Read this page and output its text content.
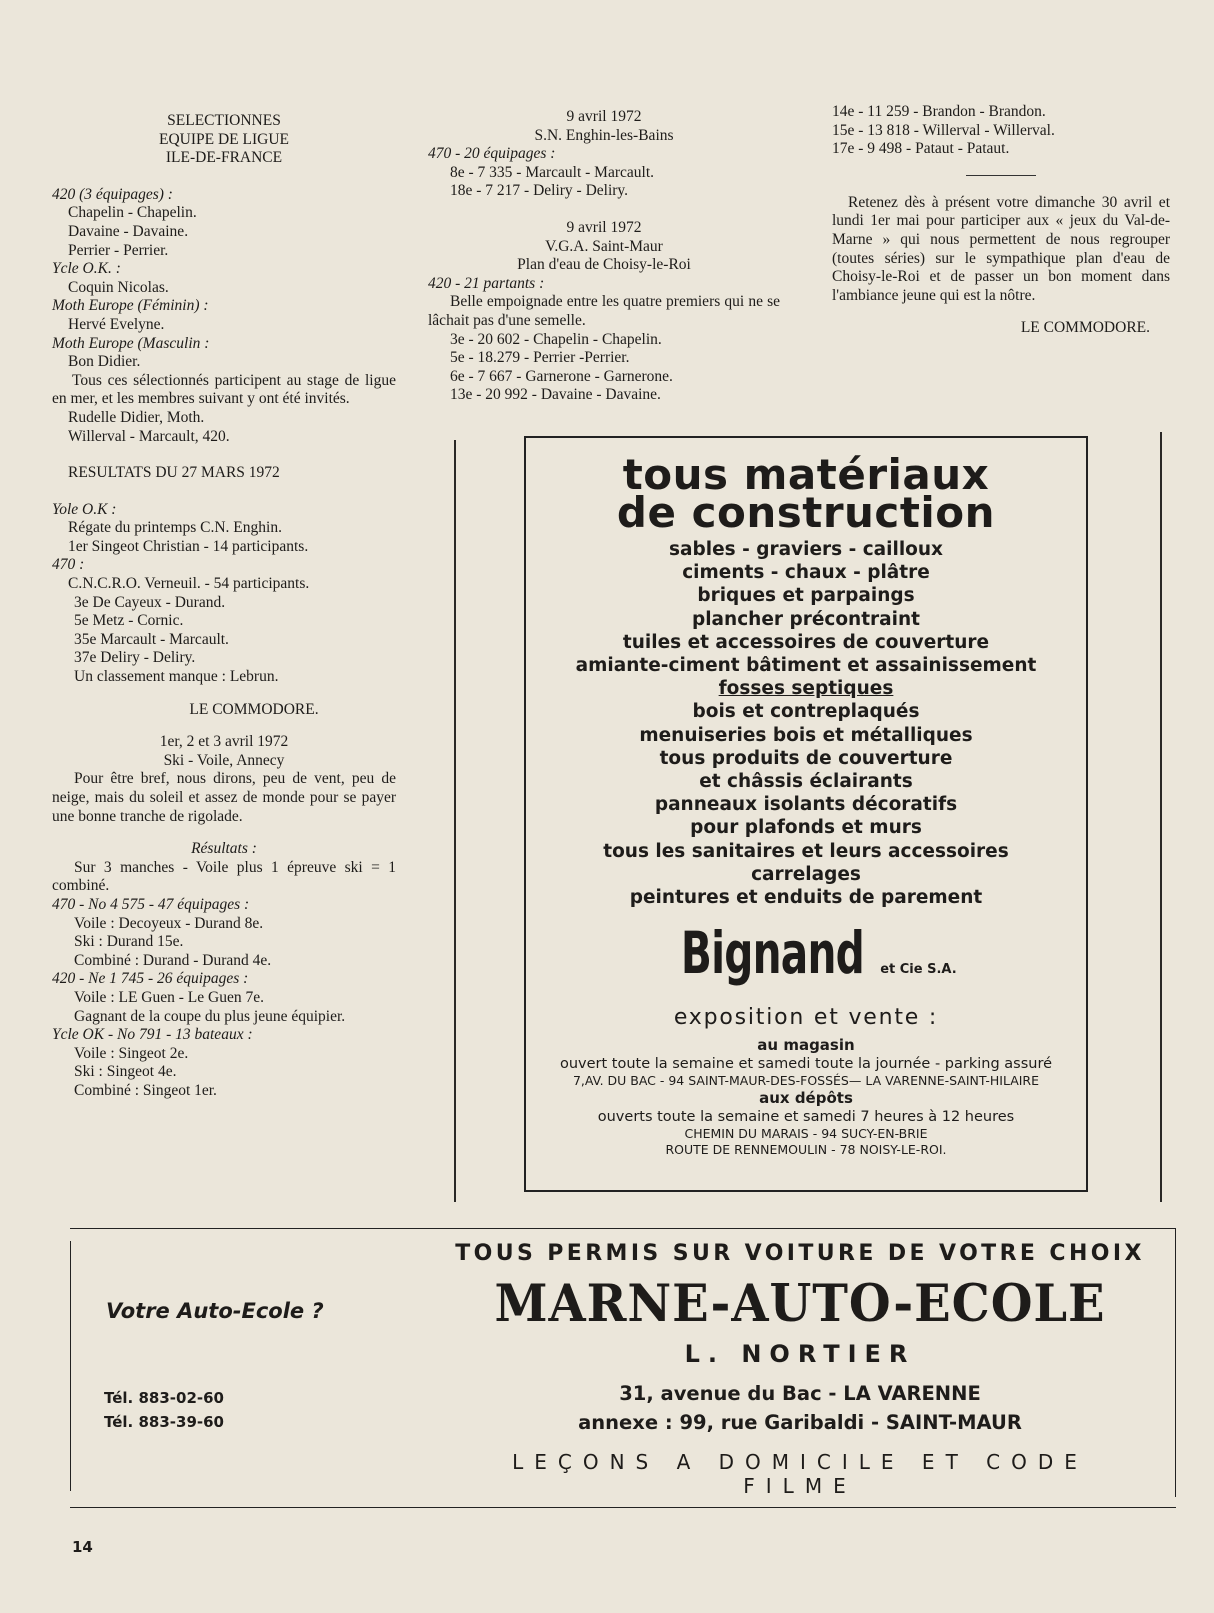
SELECTIONNES

EQUIPE DE LIGUE

ILE-DE-FRANCE

420 (3 équipages) :

Chapelin - Chapelin.

Davaine - Davaine.

Perrier - Perrier.

Ycle O.K. :

Coquin Nicolas.

Moth Europe (Féminin) :

Hervé Evelyne.

Moth Europe (Masculin :

Bon Didier.

Tous ces sélectionnés participent au stage de ligue en mer, et les membres suivant y ont été invités.

Rudelle Didier, Moth.

Willerval - Marcault, 420.

RESULTATS DU 27 MARS 1972

Yole O.K :

Régate du printemps C.N. Enghin.

1er Singeot Christian - 14 participants.

470 :

C.N.C.R.O. Verneuil. - 54 participants.

3e De Cayeux - Durand.

5e Metz - Cornic.

35e Marcault - Marcault.

37e Deliry - Deliry.

Un classement manque : Lebrun.

LE COMMODORE.

1er, 2 et 3 avril 1972

Ski - Voile, Annecy

Pour être bref, nous dirons, peu de vent, peu de neige, mais du soleil et assez de monde pour se payer une bonne tranche de rigolade.

Résultats :

Sur 3 manches - Voile plus 1 épreuve ski = 1 combiné.

470 - No 4 575 - 47 équipages :

Voile : Decoyeux - Durand 8e.

Ski : Durand 15e.

Combiné : Durand - Durand 4e.

420 - Ne 1 745 - 26 équipages :

Voile : LE Guen - Le Guen 7e.

Gagnant de la coupe du plus jeune équipier.

Ycle OK - No 791 - 13 bateaux :

Voile : Singeot 2e.

Ski : Singeot 4e.

Combiné : Singeot 1er.

9 avril 1972

S.N. Enghin-les-Bains

470 - 20 équipages :

8e - 7 335 - Marcault - Marcault.

18e - 7 217 - Deliry - Deliry.

9 avril 1972

V.G.A. Saint-Maur

Plan d'eau de Choisy-le-Roi

420 - 21 partants :

Belle empoignade entre les quatre premiers qui ne se lâchait pas d'une semelle.

3e - 20 602 - Chapelin - Chapelin.

5e - 18.279 - Perrier -Perrier.

6e - 7 667 - Garnerone - Garnerone.

13e - 20 992 - Davaine - Davaine.

14e - 11 259 - Brandon - Brandon.

15e - 13 818 - Willerval - Willerval.

17e - 9 498 - Pataut - Pataut.

Retenez dès à présent votre dimanche 30 avril et lundi 1er mai pour participer aux « jeux du Val-de-Marne » qui nous permettent de nous regrouper (toutes séries) sur le sympathique plan d'eau de Choisy-le-Roi et de passer un bon moment dans l'ambiance jeune qui est la nôtre.

LE COMMODORE.

tous matériaux
de construction
sables - graviers - cailloux
ciments - chaux - plâtre
briques et parpaings
plancher précontraint
tuiles et accessoires de couverture
amiante-ciment bâtiment et assainissement
fosses septiques
bois et contreplaqués
menuiseries bois et métalliques
tous produits de couverture
et châssis éclairants
panneaux isolants décoratifs
pour plafonds et murs
tous les sanitaires et leurs accessoires
carrelages
peintures et enduits de parement
Bignand et Cie S.A.
exposition et vente :
au magasin
ouvert toute la semaine et samedi toute la journée - parking assuré
7,AV. DU BAC - 94 SAINT-MAUR-DES-FOSSÉS— LA VARENNE-SAINT-HILAIRE
aux dépôts
ouverts toute la semaine et samedi 7 heures à 12 heures
CHEMIN DU MARAIS - 94 SUCY-EN-BRIE
ROUTE DE RENNEMOULIN - 78 NOISY-LE-ROI.
Votre Auto-Ecole ?
Tél. 883-02-60
Tél. 883-39-60
TOUS PERMIS SUR VOITURE DE VOTRE CHOIX
MARNE-AUTO-ECOLE
L. NORTIER
31, avenue du Bac - LA VARENNE
annexe : 99, rue Garibaldi - SAINT-MAUR
LEÇONS A DOMICILE ET CODE FILME
14
